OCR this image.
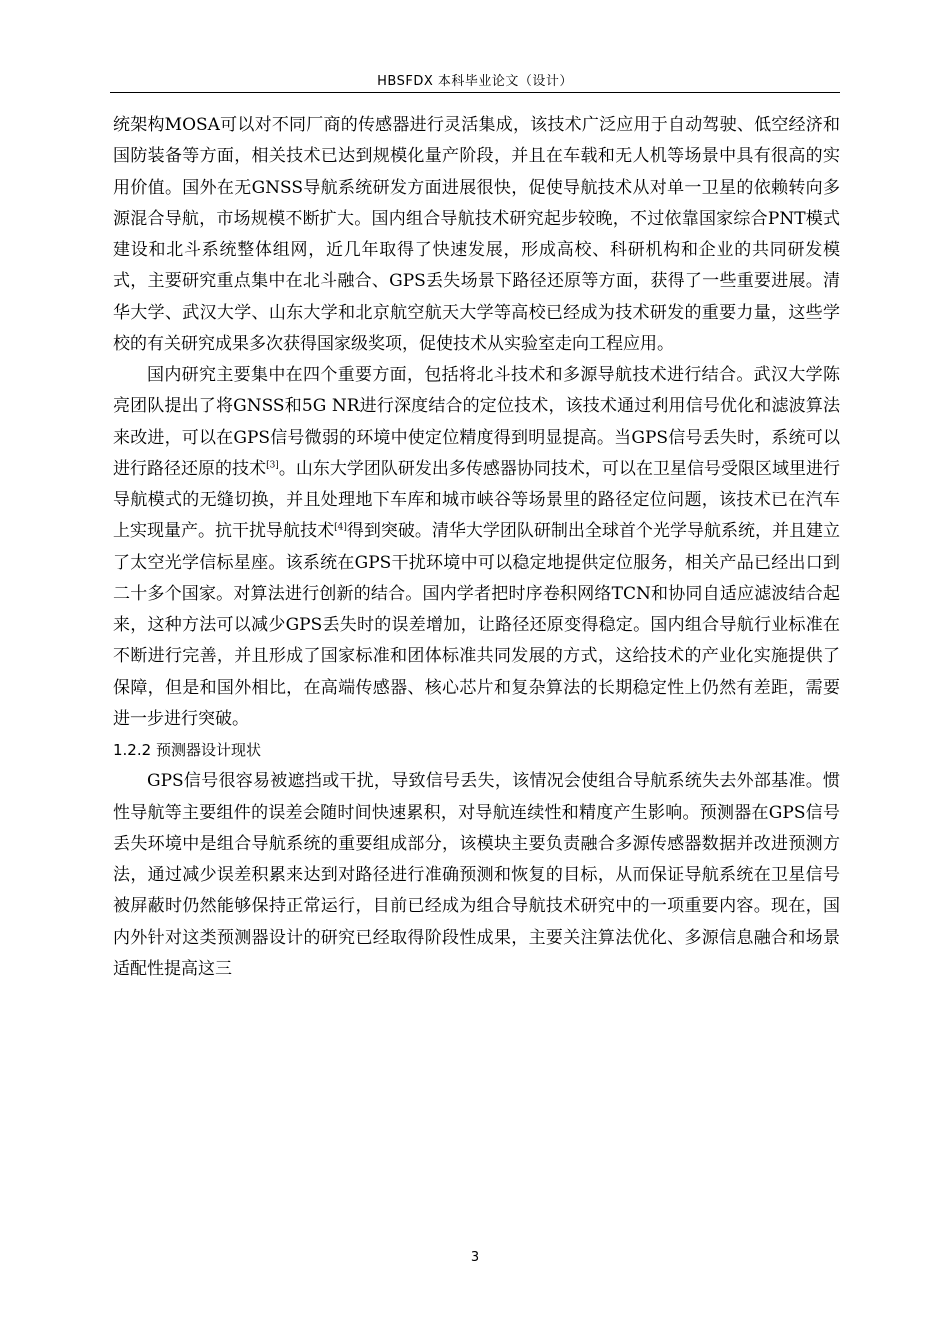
HBSFDX 本科毕业论文（设计）

统架构MOSA可以对不同厂商的传感器进行灵活集成，该技术广泛应用于自动驾驶、低空经济和国防装备等方面，相关技术已达到规模化量产阶段，并且在车载和无人机等场景中具有很高的实用价值。国外在无GNSS导航系统研发方面进展很快，促使导航技术从对单一卫星的依赖转向多源混合导航，市场规模不断扩大。国内组合导航技术研究起步较晚，不过依靠国家综合PNT模式建设和北斗系统整体组网，近几年取得了快速发展，形成高校、科研机构和企业的共同研发模式，主要研究重点集中在北斗融合、GPS丢失场景下路径还原等方面，获得了一些重要进展。清华大学、武汉大学、山东大学和北京航空航天大学等高校已经成为技术研发的重要力量，这些学校的有关研究成果多次获得国家级奖项，促使技术从实验室走向工程应用。

国内研究主要集中在四个重要方面，包括将北斗技术和多源导航技术进行结合。武汉大学陈亮团队提出了将GNSS和5G NR进行深度结合的定位技术，该技术通过利用信号优化和滤波算法来改进，可以在GPS信号微弱的环境中使定位精度得到明显提高。当GPS信号丢失时，系统可以进行路径还原的技术[3]。山东大学团队研发出多传感器协同技术，可以在卫星信号受限区域里进行导航模式的无缝切换，并且处理地下车库和城市峡谷等场景里的路径定位问题，该技术已在汽车上实现量产。抗干扰导航技术[4]得到突破。清华大学团队研制出全球首个光学导航系统，并且建立了太空光学信标星座。该系统在GPS干扰环境中可以稳定地提供定位服务，相关产品已经出口到二十多个国家。对算法进行创新的结合。国内学者把时序卷积网络TCN和协同自适应滤波结合起来，这种方法可以减少GPS丢失时的误差增加，让路径还原变得稳定。国内组合导航行业标准在不断进行完善，并且形成了国家标准和团体标准共同发展的方式，这给技术的产业化实施提供了保障，但是和国外相比，在高端传感器、核心芯片和复杂算法的长期稳定性上仍然有差距，需要进一步进行突破。

1.2.2 预测器设计现状

GPS信号很容易被遮挡或干扰，导致信号丢失，该情况会使组合导航系统失去外部基准。惯性导航等主要组件的误差会随时间快速累积，对导航连续性和精度产生影响。预测器在GPS信号丢失环境中是组合导航系统的重要组成部分，该模块主要负责融合多源传感器数据并改进预测方法，通过减少误差积累来达到对路径进行准确预测和恢复的目标，从而保证导航系统在卫星信号被屏蔽时仍然能够保持正常运行，目前已经成为组合导航技术研究中的一项重要内容。现在，国内外针对这类预测器设计的研究已经取得阶段性成果，主要关注算法优化、多源信息融合和场景适配性提高这三

3
